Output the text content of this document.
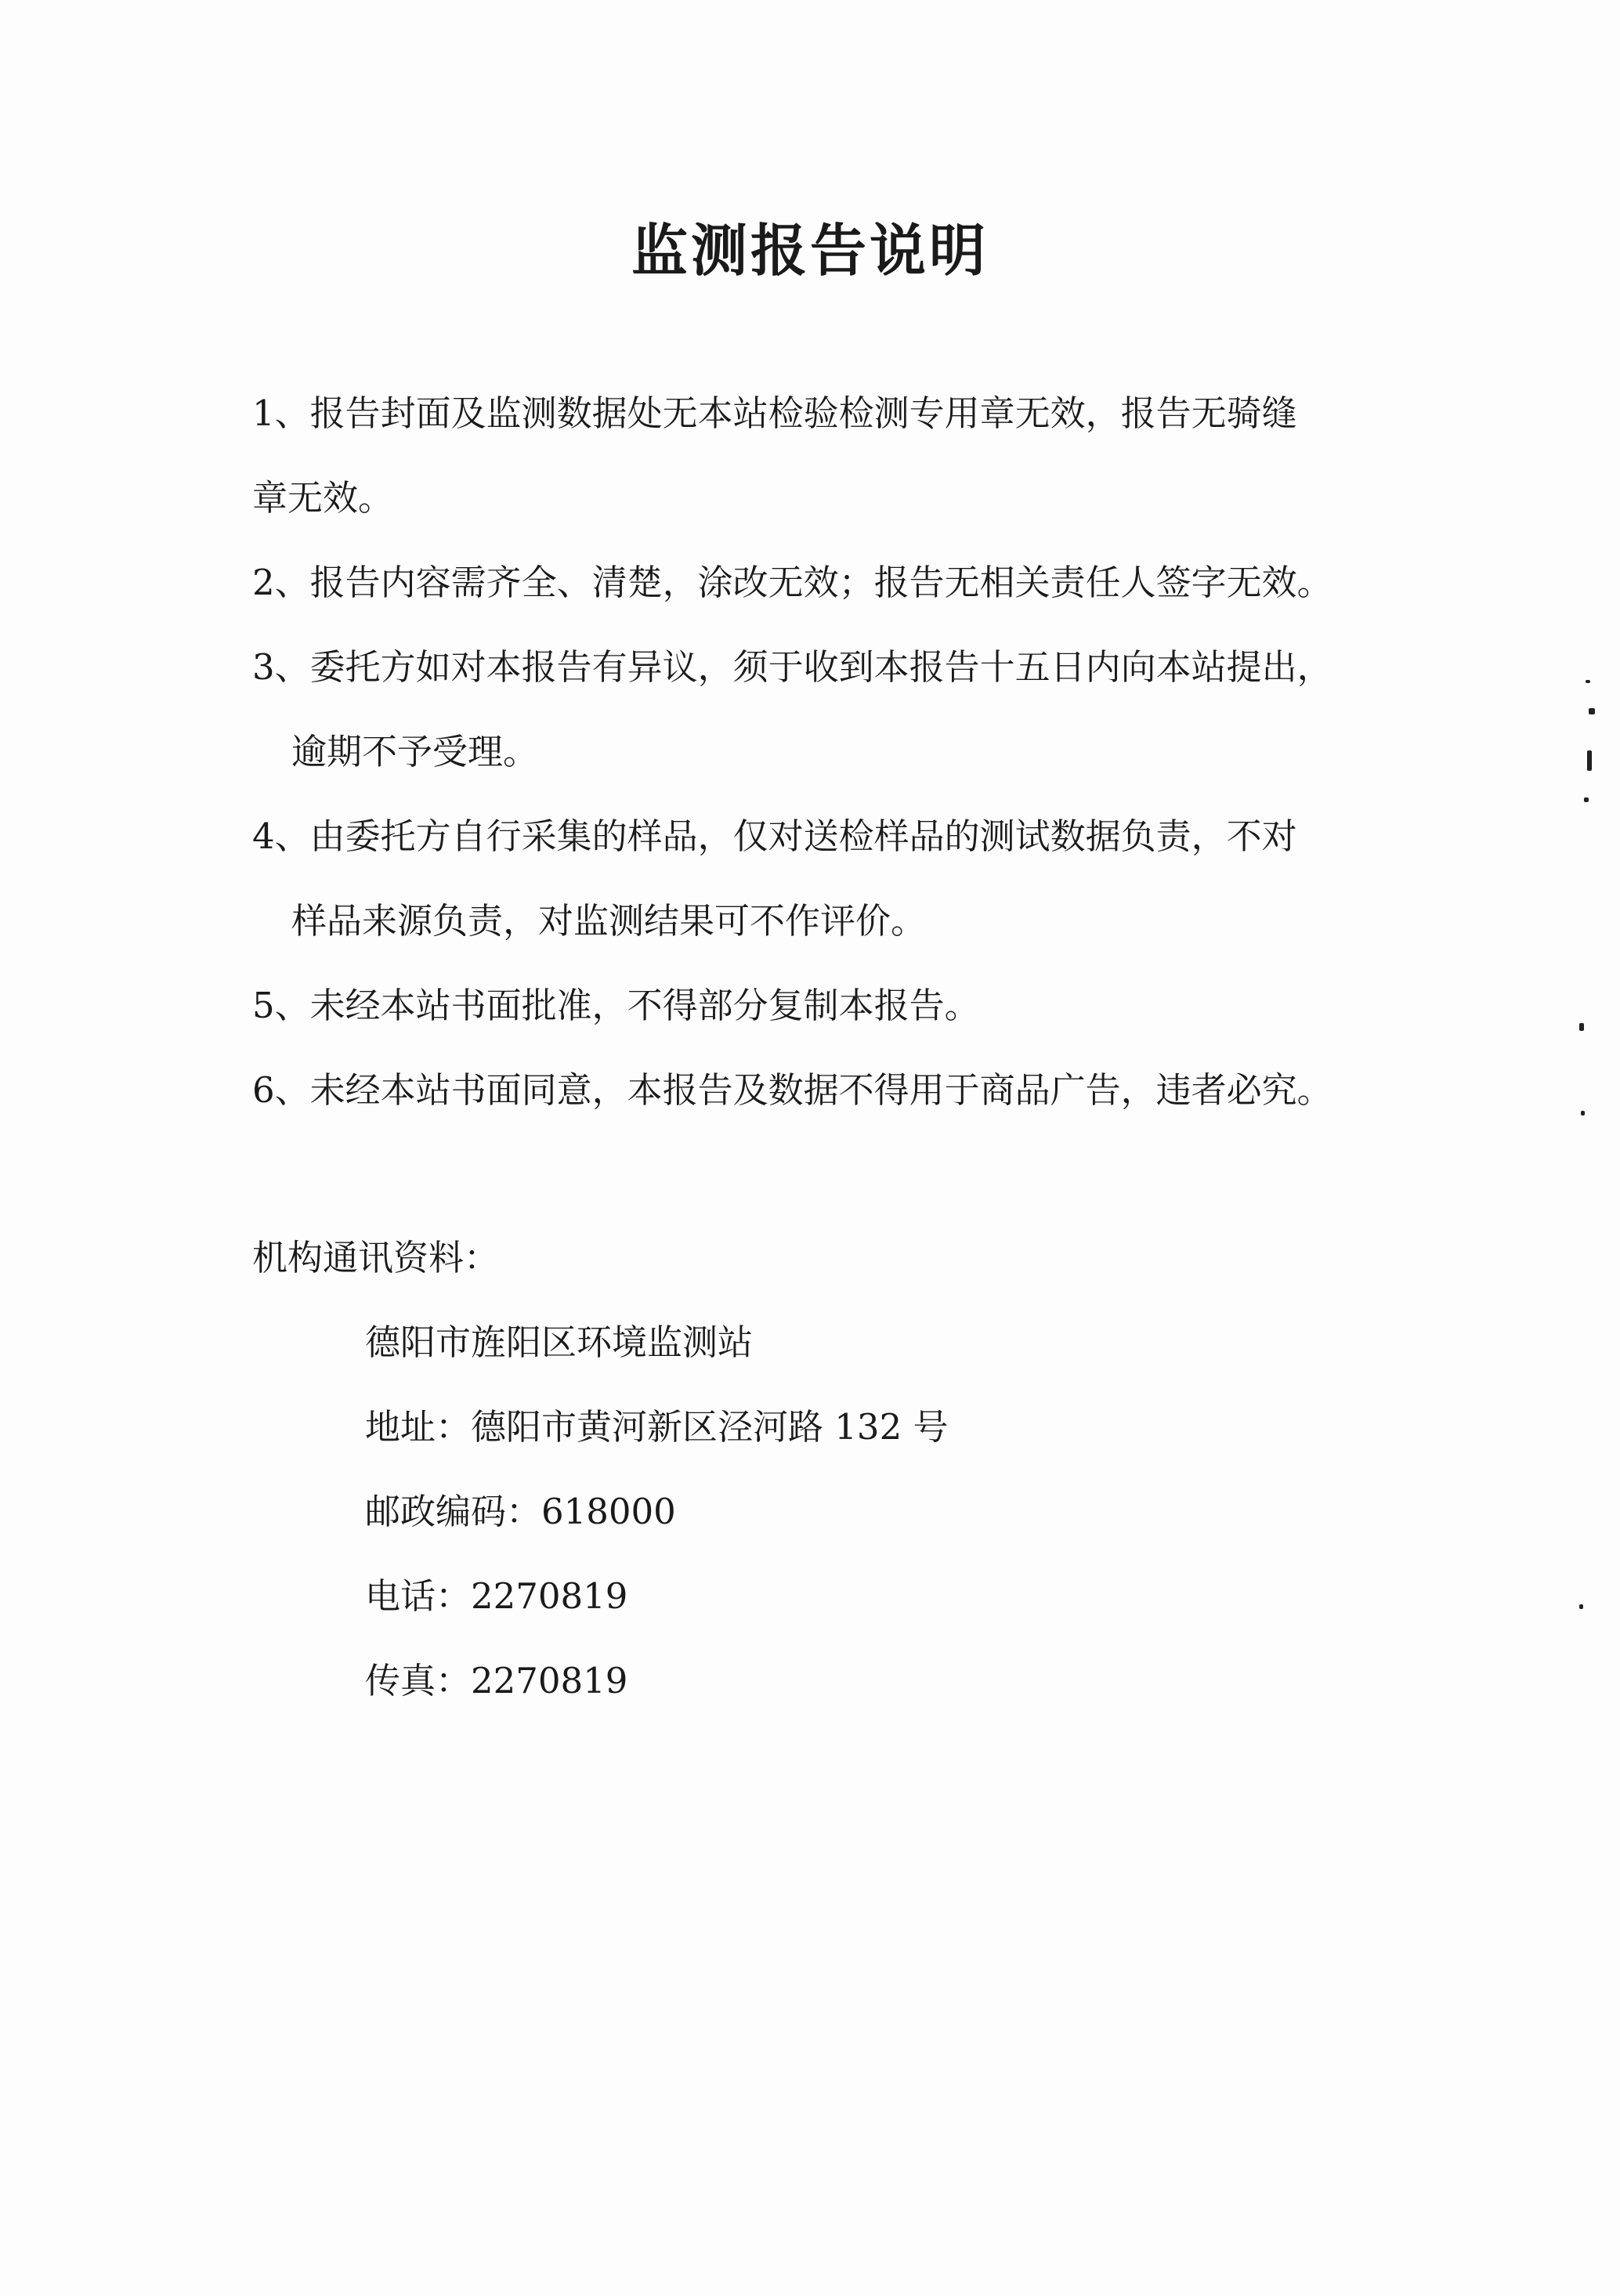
监测报告说明
1、报告封面及监测数据处无本站检验检测专用章无效，报告无骑缝
章无效。
2、报告内容需齐全、清楚，涂改无效；报告无相关责任人签字无效。
3、委托方如对本报告有异议，须于收到本报告十五日内向本站提出，
逾期不予受理。
4、由委托方自行采集的样品，仅对送检样品的测试数据负责，不对
样品来源负责，对监测结果可不作评价。
5、未经本站书面批准，不得部分复制本报告。
6、未经本站书面同意，本报告及数据不得用于商品广告，违者必究。
机构通讯资料：
德阳市旌阳区环境监测站
地址：德阳市黄河新区泾河路 132 号
邮政编码：618000
电话：2270819
传真：2270819
